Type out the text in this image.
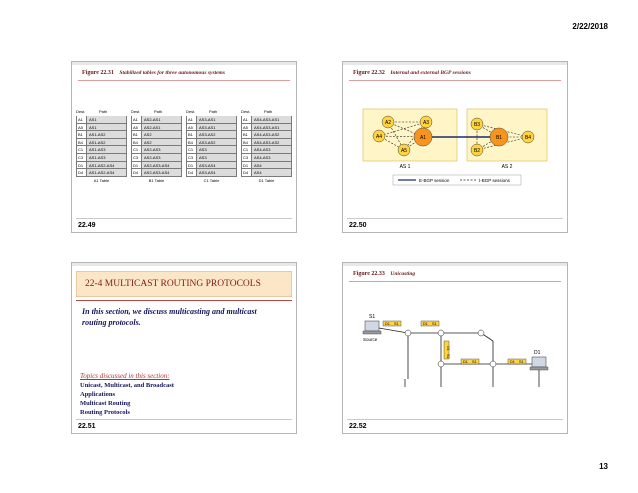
2/22/2018
Figure 22.31 Stabilized tables for three autonomous systems
Dest.	Path
A1	AS1
A5	AS1
B1	AS1-AS2
B4	AS1-AS2
C1	AS1-AS3
C3	AS1-AS3
D1	AS1-AS2-AS4
D4	AS1-AS2-AS4
A1 Table
Dest.	Path
A1	AS2-AS1
A5	AS2-AS1
B1	AS2
B4	AS2
C1	AS2-AS3
C3	AS2-AS3
D1	AS2-AS3-AS4
D4	AS2-AS3-AS4
B1 Table
Dest.	Path
A1	AS3-AS1
A5	AS3-AS1
B1	AS3-AS2
B4	AS3-AS2
C1	AS3
C3	AS3
D1	AS3-AS4
D4	AS3-AS4
C1 Table
Dest.	Path
A1	AS4-AS3-AS1
A5	AS4-AS3-AS1
B1	AS4-AS3-AS2
B4	AS4-AS3-AS2
C1	AS4-AS3
C3	AS4-AS3
D1	AS4
D4	AS4
D1 Table
22.49
Figure 22.32 Internal and external BGP sessions
A2	A3
A4	A1
A5
B3
B1	B4
B2
AS 1	AS 2
E-BGP session	I-BGP sessions
22.50
22-4 MULTICAST ROUTING PROTOCOLS
In this section, we discuss multicasting and multicast routing protocols.
Topics discussed in this section:
Unicast, Multicast, and Broadcast
Applications
Multicast Routing
Routing Protocols
22.51
Figure 22.33 Unicasting
S1
Source
D1
D1 S1	D1 S1
D1
S1
D1 S1	D1 S1
22.52
13
